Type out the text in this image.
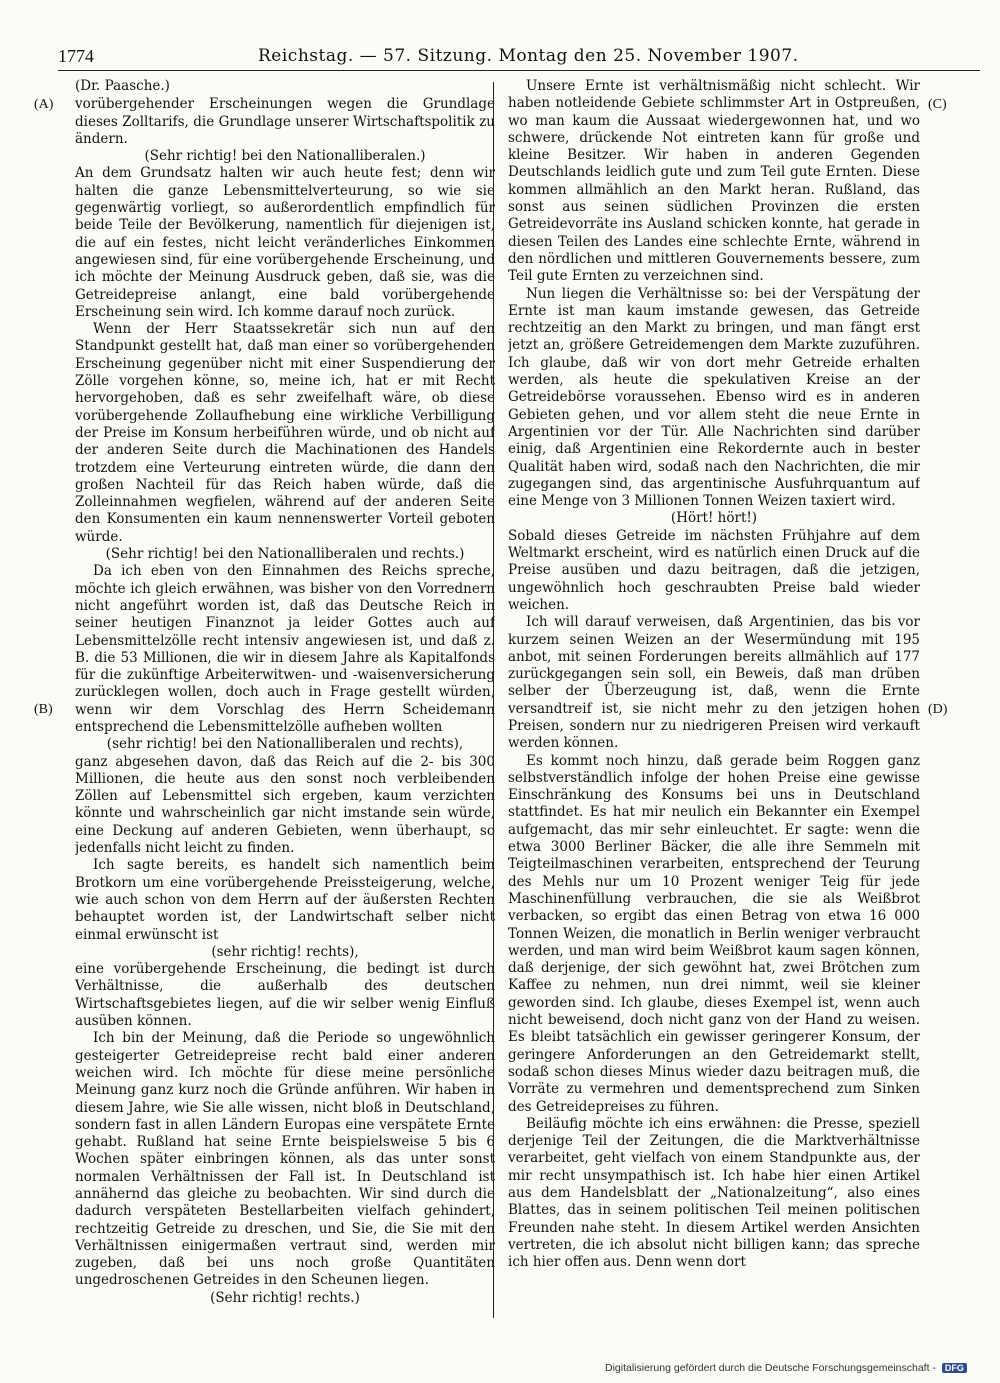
1774	Reichstag. — 57. Sitzung. Montag den 25. November 1907.
(A)
(B)
(C)
(D)
(Dr. Paasche.)

vorübergehender Erscheinungen wegen die Grundlage dieses Zolltarifs, die Grundlage unserer Wirtschaftspolitik zu ändern.

(Sehr richtig! bei den Nationalliberalen.)

An dem Grundsatz halten wir auch heute fest; denn wir halten die ganze Lebensmittelverteurung, so wie sie gegenwärtig vorliegt, so außerordentlich empfindlich für beide Teile der Bevölkerung, namentlich für diejenigen ist, die auf ein festes, nicht leicht veränderliches Einkommen angewiesen sind, für eine vorübergehende Erscheinung, und ich möchte der Meinung Ausdruck geben, daß sie, was die Getreidepreise anlangt, eine bald vorübergehende Erscheinung sein wird. Ich komme darauf noch zurück.

Wenn der Herr Staatssekretär sich nun auf den Standpunkt gestellt hat, daß man einer so vorübergehenden Erscheinung gegenüber nicht mit einer Suspendierung der Zölle vorgehen könne, so, meine ich, hat er mit Recht hervorgehoben, daß es sehr zweifelhaft wäre, ob diese vorübergehende Zollaufhebung eine wirkliche Verbilligung der Preise im Konsum herbeiführen würde, und ob nicht auf der anderen Seite durch die Machinationen des Handels trotzdem eine Verteurung eintreten würde, die dann den großen Nachteil für das Reich haben würde, daß die Zolleinnahmen wegfielen, während auf der anderen Seite den Konsumenten ein kaum nennenswerter Vorteil geboten würde.

(Sehr richtig! bei den Nationalliberalen und rechts.)

Da ich eben von den Einnahmen des Reichs spreche, möchte ich gleich erwähnen, was bisher von den Vorrednern nicht angeführt worden ist, daß das Deutsche Reich in seiner heutigen Finanznot ja leider Gottes auch auf Lebensmittelzölle recht intensiv angewiesen ist, und daß z. B. die 53 Millionen, die wir in diesem Jahre als Kapitalfonds für die zukünftige Arbeiterwitwen- und -waisenversicherung zurücklegen wollen, doch auch in Frage gestellt würden, wenn wir dem Vorschlag des Herrn Scheidemann entsprechend die Lebensmittelzölle aufheben wollten

(sehr richtig! bei den Nationalliberalen und rechts),

ganz abgesehen davon, daß das Reich auf die 2- bis 300 Millionen, die heute aus den sonst noch verbleibenden Zöllen auf Lebensmittel sich ergeben, kaum verzichten könnte und wahrscheinlich gar nicht imstande sein würde, eine Deckung auf anderen Gebieten, wenn überhaupt, so jedenfalls nicht leicht zu finden.

Ich sagte bereits, es handelt sich namentlich beim Brotkorn um eine vorübergehende Preissteigerung, welche, wie auch schon von dem Herrn auf der äußersten Rechten behauptet worden ist, der Landwirtschaft selber nicht einmal erwünscht ist

(sehr richtig! rechts),

eine vorübergehende Erscheinung, die bedingt ist durch Verhältnisse, die außerhalb des deutschen Wirtschaftsgebietes liegen, auf die wir selber wenig Einfluß ausüben können.

Ich bin der Meinung, daß die Periode so ungewöhnlich gesteigerter Getreidepreise recht bald einer anderen weichen wird. Ich möchte für diese meine persönliche Meinung ganz kurz noch die Gründe anführen. Wir haben in diesem Jahre, wie Sie alle wissen, nicht bloß in Deutschland, sondern fast in allen Ländern Europas eine verspätete Ernte gehabt. Rußland hat seine Ernte beispielsweise 5 bis 6 Wochen später einbringen können, als das unter sonst normalen Verhältnissen der Fall ist. In Deutschland ist annähernd das gleiche zu beobachten. Wir sind durch die dadurch verspäteten Bestellarbeiten vielfach gehindert, rechtzeitig Getreide zu dreschen, und Sie, die Sie mit den Verhältnissen einigermaßen vertraut sind, werden mir zugeben, daß bei uns noch große Quantitäten ungedroschenen Getreides in den Scheunen liegen.

(Sehr richtig! rechts.)

Unsere Ernte ist verhältnismäßig nicht schlecht. Wir haben notleidende Gebiete schlimmster Art in Ostpreußen, wo man kaum die Aussaat wiedergewonnen hat, und wo schwere, drückende Not eintreten kann für große und kleine Besitzer. Wir haben in anderen Gegenden Deutschlands leidlich gute und zum Teil gute Ernten. Diese kommen allmählich an den Markt heran. Rußland, das sonst aus seinen südlichen Provinzen die ersten Getreidevorräte ins Ausland schicken konnte, hat gerade in diesen Teilen des Landes eine schlechte Ernte, während in den nördlichen und mittleren Gouvernements bessere, zum Teil gute Ernten zu verzeichnen sind.

Nun liegen die Verhältnisse so: bei der Verspätung der Ernte ist man kaum imstande gewesen, das Getreide rechtzeitig an den Markt zu bringen, und man fängt erst jetzt an, größere Getreidemengen dem Markte zuzuführen. Ich glaube, daß wir von dort mehr Getreide erhalten werden, als heute die spekulativen Kreise an der Getreidebörse voraussehen. Ebenso wird es in anderen Gebieten gehen, und vor allem steht die neue Ernte in Argentinien vor der Tür. Alle Nachrichten sind darüber einig, daß Argentinien eine Rekordernte auch in bester Qualität haben wird, sodaß nach den Nachrichten, die mir zugegangen sind, das argentinische Ausfuhrquantum auf eine Menge von 3 Millionen Tonnen Weizen taxiert wird.

(Hört! hört!)

Sobald dieses Getreide im nächsten Frühjahre auf dem Weltmarkt erscheint, wird es natürlich einen Druck auf die Preise ausüben und dazu beitragen, daß die jetzigen, ungewöhnlich hoch geschraubten Preise bald wieder weichen.

Ich will darauf verweisen, daß Argentinien, das bis vor kurzem seinen Weizen an der Wesermündung mit 195 anbot, mit seinen Forderungen bereits allmählich auf 177 zurückgegangen sein soll, ein Beweis, daß man drüben selber der Überzeugung ist, daß, wenn die Ernte versandtreif ist, sie nicht mehr zu den jetzigen hohen Preisen, sondern nur zu niedrigeren Preisen wird verkauft werden können.

Es kommt noch hinzu, daß gerade beim Roggen ganz selbstverständlich infolge der hohen Preise eine gewisse Einschränkung des Konsums bei uns in Deutschland stattfindet. Es hat mir neulich ein Bekannter ein Exempel aufgemacht, das mir sehr einleuchtet. Er sagte: wenn die etwa 3000 Berliner Bäcker, die alle ihre Semmeln mit Teigteilmaschinen verarbeiten, entsprechend der Teurung des Mehls nur um 10 Prozent weniger Teig für jede Maschinenfüllung verbrauchen, die sie als Weißbrot verbacken, so ergibt das einen Betrag von etwa 16 000 Tonnen Weizen, die monatlich in Berlin weniger verbraucht werden, und man wird beim Weißbrot kaum sagen können, daß derjenige, der sich gewöhnt hat, zwei Brötchen zum Kaffee zu nehmen, nun drei nimmt, weil sie kleiner geworden sind. Ich glaube, dieses Exempel ist, wenn auch nicht beweisend, doch nicht ganz von der Hand zu weisen. Es bleibt tatsächlich ein gewisser geringerer Konsum, der geringere Anforderungen an den Getreidemarkt stellt, sodaß schon dieses Minus wieder dazu beitragen muß, die Vorräte zu vermehren und dementsprechend zum Sinken des Getreidepreises zu führen.

Beiläufig möchte ich eins erwähnen: die Presse, speziell derjenige Teil der Zeitungen, die die Marktverhältnisse verarbeitet, geht vielfach von einem Standpunkte aus, der mir recht unsympathisch ist. Ich habe hier einen Artikel aus dem Handelsblatt der „Nationalzeitung“, also eines Blattes, das in seinem politischen Teil meinen politischen Freunden nahe steht. In diesem Artikel werden Ansichten vertreten, die ich absolut nicht billigen kann; das spreche ich hier offen aus. Denn wenn dort

Digitalisierung gefördert durch die Deutsche Forschungsgemeinschaft - DFG
